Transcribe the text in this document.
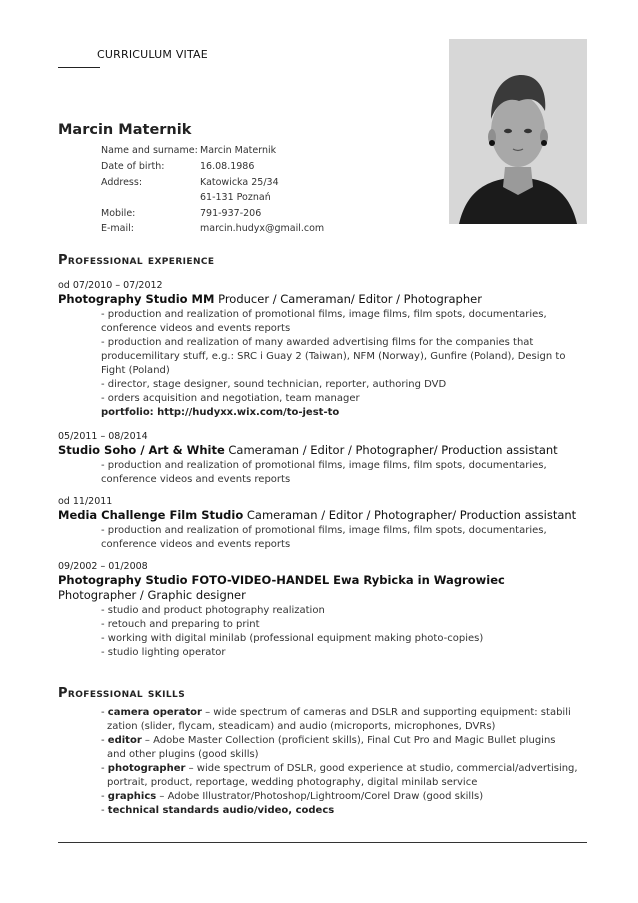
CURRICULUM VITAE
Marcin Maternik
Name and surname: Marcin Maternik
Date of birth:	16.08.1986
Address:	Katowicka 25/34
61-131 Poznań
Mobile:	791-937-206
E-mail:	marcin.hudyx@gmail.com
Professional experience
od 07/2010 – 07/2012
Photography Studio MM Producer / Cameraman/ Editor / Photographer
- production and realization of promotional films, image films, film spots, documentaries,
conference videos and events reports
- production and realization of many awarded advertising films for the companies that
producemilitary stuff, e.g.: SRC i Guay 2 (Taiwan), NFM (Norway), Gunfire (Poland), Design to
Fight (Poland)
- director, stage designer, sound technician, reporter, authoring DVD
- orders acquisition and negotiation, team manager
portfolio: http://hudyxx.wix.com/to-jest-to
05/2011 – 08/2014
Studio Soho / Art & White Cameraman / Editor / Photographer/ Production assistant
- production and realization of promotional films, image films, film spots, documentaries,
conference videos and events reports
od 11/2011
Media Challenge Film Studio Cameraman / Editor / Photographer/ Production assistant
- production and realization of promotional films, image films, film spots, documentaries,
conference videos and events reports
09/2002 – 01/2008
Photography Studio FOTO-VIDEO-HANDEL Ewa Rybicka in Wagrowiec
Photographer / Graphic designer
- studio and product photography realization
- retouch and preparing to print
- working with digital minilab (professional equipment making photo-copies)
- studio lighting operator
Professional skills
- camera operator – wide spectrum of cameras and DSLR and supporting equipment: stabili
zation (slider, flycam, steadicam) and audio (microports, microphones, DVRs)
- editor – Adobe Master Collection (proficient skills), Final Cut Pro and Magic Bullet plugins
and other plugins (good skills)
- photographer – wide spectrum of DSLR, good experience at studio, commercial/advertising,
portrait, product, reportage, wedding photography, digital minilab service
- graphics – Adobe Illustrator/Photoshop/Lightroom/Corel Draw (good skills)
- technical standards audio/video, codecs
